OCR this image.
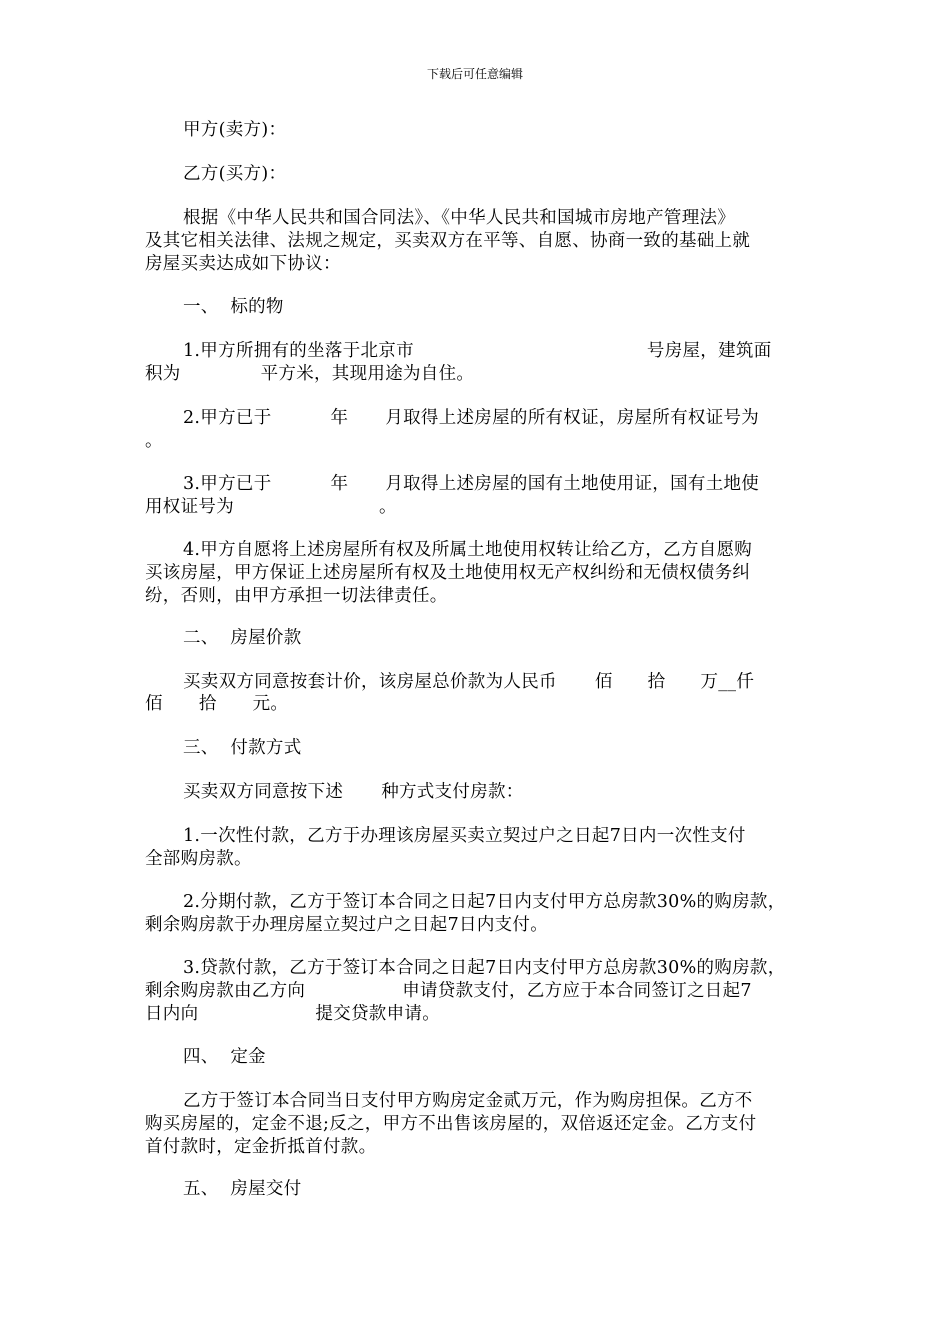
下载后可任意编辑
甲方(卖方)：
乙方(买方)：
根据《中华人民共和国合同法》、《中华人民共和国城市房地产管理法》
及其它相关法律、法规之规定，买卖双方在平等、自愿、协商一致的基础上就
房屋买卖达成如下协议：
一、  标的物
1.甲方所拥有的坐落于北京市	号房屋，建筑面
积为	平方米，其现用途为自住。
2.甲方已于	年 月取得上述房屋的所有权证，房屋所有权证号为
。
3.甲方已于	年 月取得上述房屋的国有土地使用证，国有土地使
用权证号为	。
4.甲方自愿将上述房屋所有权及所属土地使用权转让给乙方，乙方自愿购
买该房屋，甲方保证上述房屋所有权及土地使用权无产权纠纷和无债权债务纠
纷，否则，由甲方承担一切法律责任。
二、  房屋价款
买卖双方同意按套计价，该房屋总价款为人民币 佰 拾 万__仟
佰 拾 元。
三、  付款方式
买卖双方同意按下述 种方式支付房款：
1.一次性付款，乙方于办理该房屋买卖立契过户之日起7日内一次性支付
全部购房款。
2.分期付款，乙方于签订本合同之日起7日内支付甲方总房款30%的购房款，
剩余购房款于办理房屋立契过户之日起7日内支付。
3.贷款付款，乙方于签订本合同之日起7日内支付甲方总房款30%的购房款，
剩余购房款由乙方向	申请贷款支付，乙方应于本合同签订之日起7
日内向	提交贷款申请。
四、  定金
乙方于签订本合同当日支付甲方购房定金贰万元，作为购房担保。乙方不
购买房屋的，定金不退;反之，甲方不出售该房屋的，双倍返还定金。乙方支付
首付款时，定金折抵首付款。
五、  房屋交付
